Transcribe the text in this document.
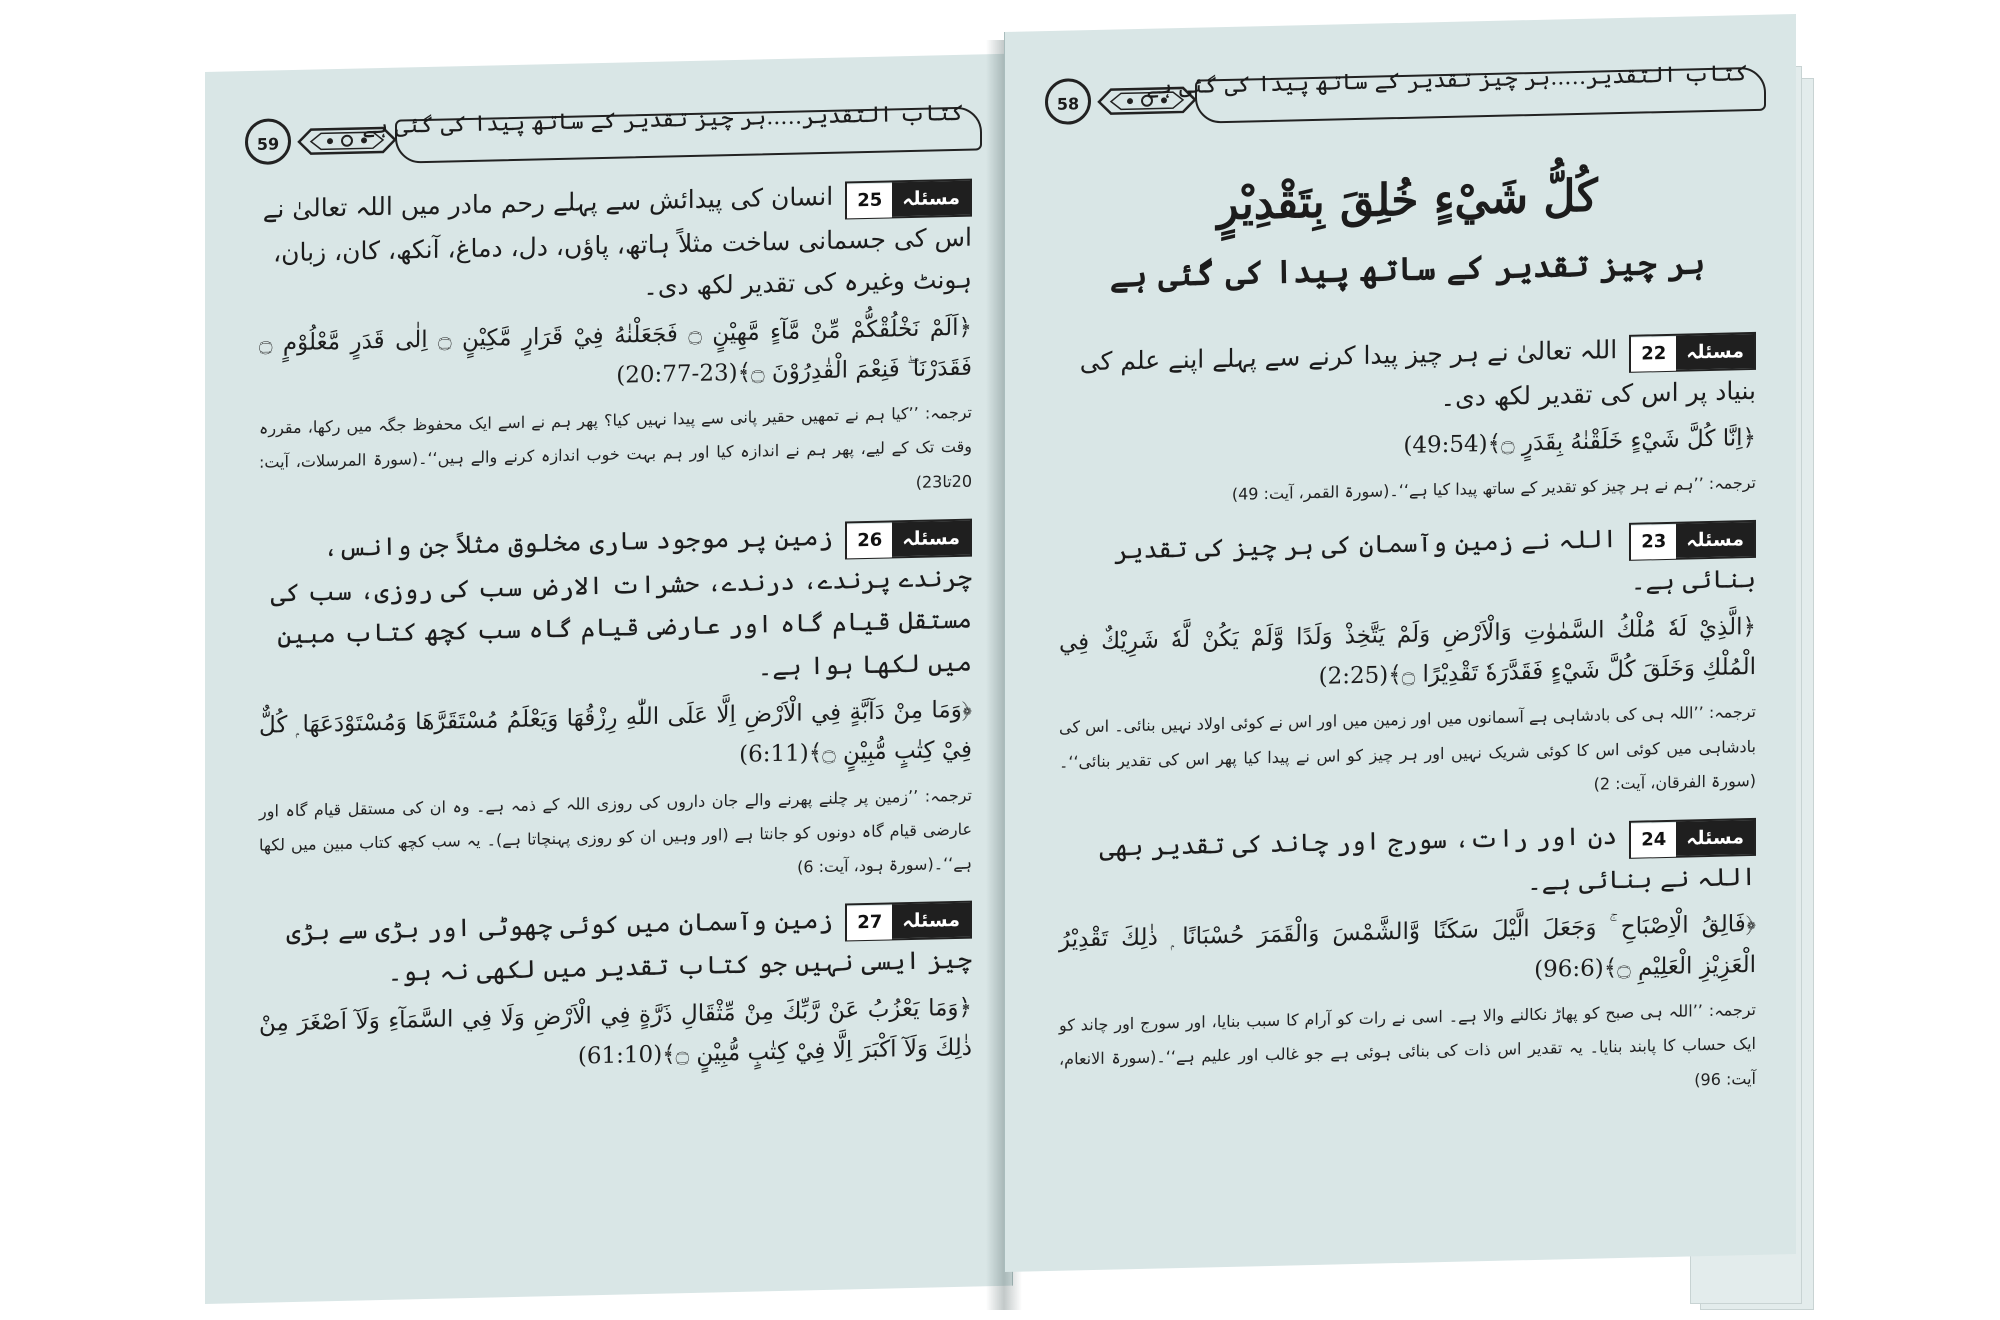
59
کتاب التقدیر…..ہر چیز تقدیر کے ساتھ پیدا کی گئی ہے
مسئلہ25انسان کی پیدائش سے پہلے رحم مادر میں اللہ تعالیٰ نے اس کی جسمانی ساخت مثلاً ہاتھ، پاؤں، دل، دماغ، آنکھ، کان، زبان، ہونٹ وغیرہ کی تقدیر لکھ دی۔

﴿اَلَمْ نَخْلُقْكُّمْ مِّنْ مَّآءٍ مَّهِيْنٍ ۝ فَجَعَلْنٰهُ فِيْ قَرَارٍ مَّكِيْنٍ ۝ اِلٰى قَدَرٍ مَّعْلُوْمٍ ۝ فَقَدَرْنَا ۖ فَنِعْمَ الْقٰدِرُوْنَ ۝﴾(23-20:77)

ترجمہ: ’’کیا ہم نے تمھیں حقیر پانی سے پیدا نہیں کیا؟ پھر ہم نے اسے ایک محفوظ جگہ میں رکھا، مقررہ وقت تک کے لیے، پھر ہم نے اندازہ کیا اور ہم بہت خوب اندازہ کرنے والے ہیں‘‘۔(سورۃ المرسلات، آیت: 20تا23)

مسئلہ26زمین پر موجود ساری مخلوق مثلاً جن وانس، چرندے پرندے، درندے، حشرات الارض سب کی روزی، سب کی مستقل قیام گاہ اور عارضی قیام گاہ سب کچھ کتاب مبین میں لکھا ہوا ہے۔

﴿وَمَا مِنْ دَآبَّةٍ فِي الْاَرْضِ اِلَّا عَلَى اللّٰهِ رِزْقُهَا وَيَعْلَمُ مُسْتَقَرَّهَا وَمُسْتَوْدَعَهَا ۭ كُلٌّ فِيْ كِتٰبٍ مُّبِيْنٍ ۝﴾(6:11)

ترجمہ: ’’زمین پر چلنے پھرنے والے جان داروں کی روزی اللہ کے ذمہ ہے۔ وہ ان کی مستقل قیام گاہ اور عارضی قیام گاہ دونوں کو جانتا ہے (اور وہیں ان کو روزی پہنچاتا ہے)۔ یہ سب کچھ کتاب مبین میں لکھا ہے‘‘۔(سورۃ ہود، آیت: 6)

مسئلہ27زمین وآسمان میں کوئی چھوٹی اور بڑی سے بڑی چیز ایسی نہیں جو کتاب تقدیر میں لکھی نہ ہو۔

﴿وَمَا يَعْزُبُ عَنْ رَّبِّكَ مِنْ مِّثْقَالِ ذَرَّةٍ فِي الْاَرْضِ وَلَا فِي السَّمَآءِ وَلَآ اَصْغَرَ مِنْ ذٰلِكَ وَلَآ اَكْبَرَ اِلَّا فِيْ كِتٰبٍ مُّبِيْنٍ ۝﴾(61:10)

58
کتاب التقدیر…..ہر چیز تقدیر کے ساتھ پیدا کی گئی ہے
كُلُّ شَيْءٍ خُلِقَ بِتَقْدِيْرٍ
ہر چیز تقدیر کے ساتھ پیدا کی گئی ہے
مسئلہ22اللہ تعالیٰ نے ہر چیز پیدا کرنے سے پہلے اپنے علم کی بنیاد پر اس کی تقدیر لکھ دی۔

﴿اِنَّا كُلَّ شَيْءٍ خَلَقْنٰهُ بِقَدَرٍ ۝﴾(49:54)

ترجمہ: ’’ہم نے ہر چیز کو تقدیر کے ساتھ پیدا کیا ہے‘‘۔(سورۃ القمر، آیت: 49)

مسئلہ23اللہ نے زمین وآسمان کی ہر چیز کی تقدیر بنائی ہے۔

﴿الَّذِيْ لَهٗ مُلْكُ السَّمٰوٰتِ وَالْاَرْضِ وَلَمْ يَتَّخِذْ وَلَدًا وَّلَمْ يَكُنْ لَّهٗ شَرِيْكٌ فِي الْمُلْكِ وَخَلَقَ كُلَّ شَيْءٍ فَقَدَّرَهٗ تَقْدِيْرًا ۝﴾(2:25)

ترجمہ: ’’اللہ ہی کی بادشاہی ہے آسمانوں میں اور زمین میں اور اس نے کوئی اولاد نہیں بنائی۔ اس کی بادشاہی میں کوئی اس کا کوئی شریک نہیں اور ہر چیز کو اس نے پیدا کیا پھر اس کی تقدیر بنائی‘‘۔(سورۃ الفرقان، آیت: 2)

مسئلہ24دن اور رات، سورج اور چاند کی تقدیر بھی اللہ نے بنائی ہے۔

﴿فَالِقُ الْاِصْبَاحِ ۚ وَجَعَلَ الَّيْلَ سَكَنًا وَّالشَّمْسَ وَالْقَمَرَ حُسْبَانًا ۭ ذٰلِكَ تَقْدِيْرُ الْعَزِيْزِ الْعَلِيْمِ ۝﴾(96:6)

ترجمہ: ’’اللہ ہی صبح کو پھاڑ نکالنے والا ہے۔ اسی نے رات کو آرام کا سبب بنایا، اور سورج اور چاند کو ایک حساب کا پابند بنایا۔ یہ تقدیر اس ذات کی بنائی ہوئی ہے جو غالب اور علیم ہے‘‘۔(سورۃ الانعام، آیت: 96)
